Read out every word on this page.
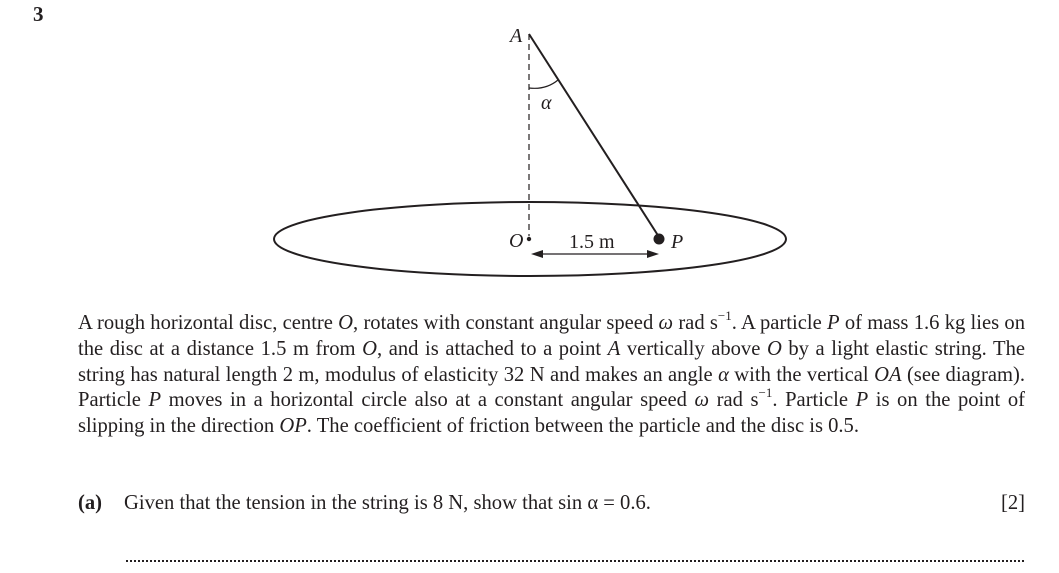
3
A
α
O	P
1.5 m

A rough horizontal disc, centre O, rotates with constant angular speed ω rad $s^{-1}$. A particle P of mass 1.6 kg lies on the disc at a distance 1.5 m from O, and is attached to a point A vertically above O by a light elastic string. The string has natural length 2 m, modulus of elasticity 32 N and makes an angle α with the vertical OA (see diagram). Particle P moves in a horizontal circle also at a constant angular speed ω rad $s^{-1}$. Particle P is on the point of slipping in the direction OP. The coefficient of friction between the particle and the disc is 0.5.

(a) Given that the tension in the string is 8 N, show that sin α = 0.6.	[2]
